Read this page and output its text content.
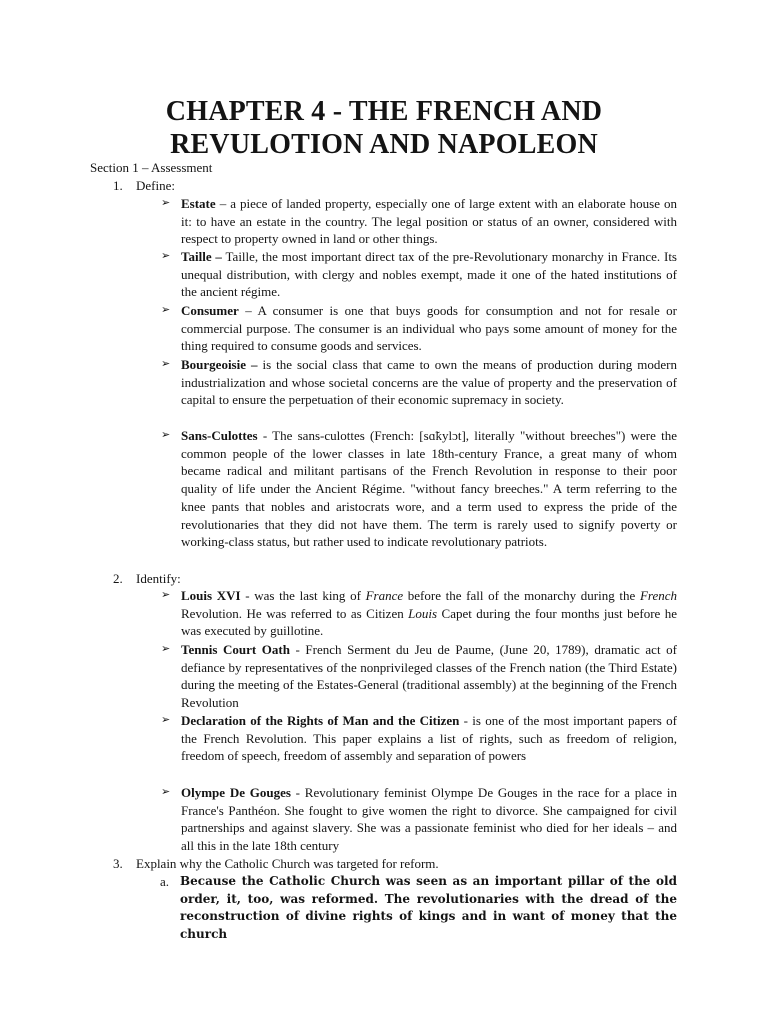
CHAPTER 4 - THE FRENCH AND
REVULOTION AND NAPOLEON
Section 1 – Assessment
1.	Define:
➢ Estate – a piece of landed property, especially one of large extent with an elaborate house on it: to have an estate in the country. The legal position or status of an owner, considered with respect to property owned in land or other things.

➢ Taille – Taille, the most important direct tax of the pre-Revolutionary monarchy in France. Its unequal distribution, with clergy and nobles exempt, made it one of the hated institutions of the ancient régime.

➢ Consumer – A consumer is one that buys goods for consumption and not for resale or commercial purpose. The consumer is an individual who pays some amount of money for the thing required to consume goods and services.

➢ Bourgeoisie – is the social class that came to own the means of production during modern industrialization and whose societal concerns are the value of property and the preservation of capital to ensure the perpetuation of their economic supremacy in society.

➢ Sans-Culottes - The sans-culottes (French: [sɑ̃kylɔt], literally "without breeches") were the common people of the lower classes in late 18th-century France, a great many of whom became radical and militant partisans of the French Revolution in response to their poor quality of life under the Ancient Régime. "without fancy breeches." A term referring to the knee pants that nobles and aristocrats wore, and a term used to express the pride of the revolutionaries that they did not have them. The term is rarely used to signify poverty or working-class status, but rather used to indicate revolutionary patriots.

2.	Identify:
➢ Louis XVI - was the last king of France before the fall of the monarchy during the French Revolution. He was referred to as Citizen Louis Capet during the four months just before he was executed by guillotine.

➢ Tennis Court Oath - French Serment du Jeu de Paume, (June 20, 1789), dramatic act of defiance by representatives of the nonprivileged classes of the French nation (the Third Estate) during the meeting of the Estates-General (traditional assembly) at the beginning of the French Revolution

➢ Declaration of the Rights of Man and the Citizen - is one of the most important papers of the French Revolution. This paper explains a list of rights, such as freedom of religion, freedom of speech, freedom of assembly and separation of powers

➢ Olympe De Gouges - Revolutionary feminist Olympe De Gouges in the race for a place in France's Panthéon. She fought to give women the right to divorce. She campaigned for civil partnerships and against slavery. She was a passionate feminist who died for her ideals – and all this in the late 18th century

3.	Explain why the Catholic Church was targeted for reform.
a. Because the Catholic Church was seen as an important pillar of the old order, it, too, was reformed. The revolutionaries with the dread of the reconstruction of divine rights of kings and in want of money that the church
